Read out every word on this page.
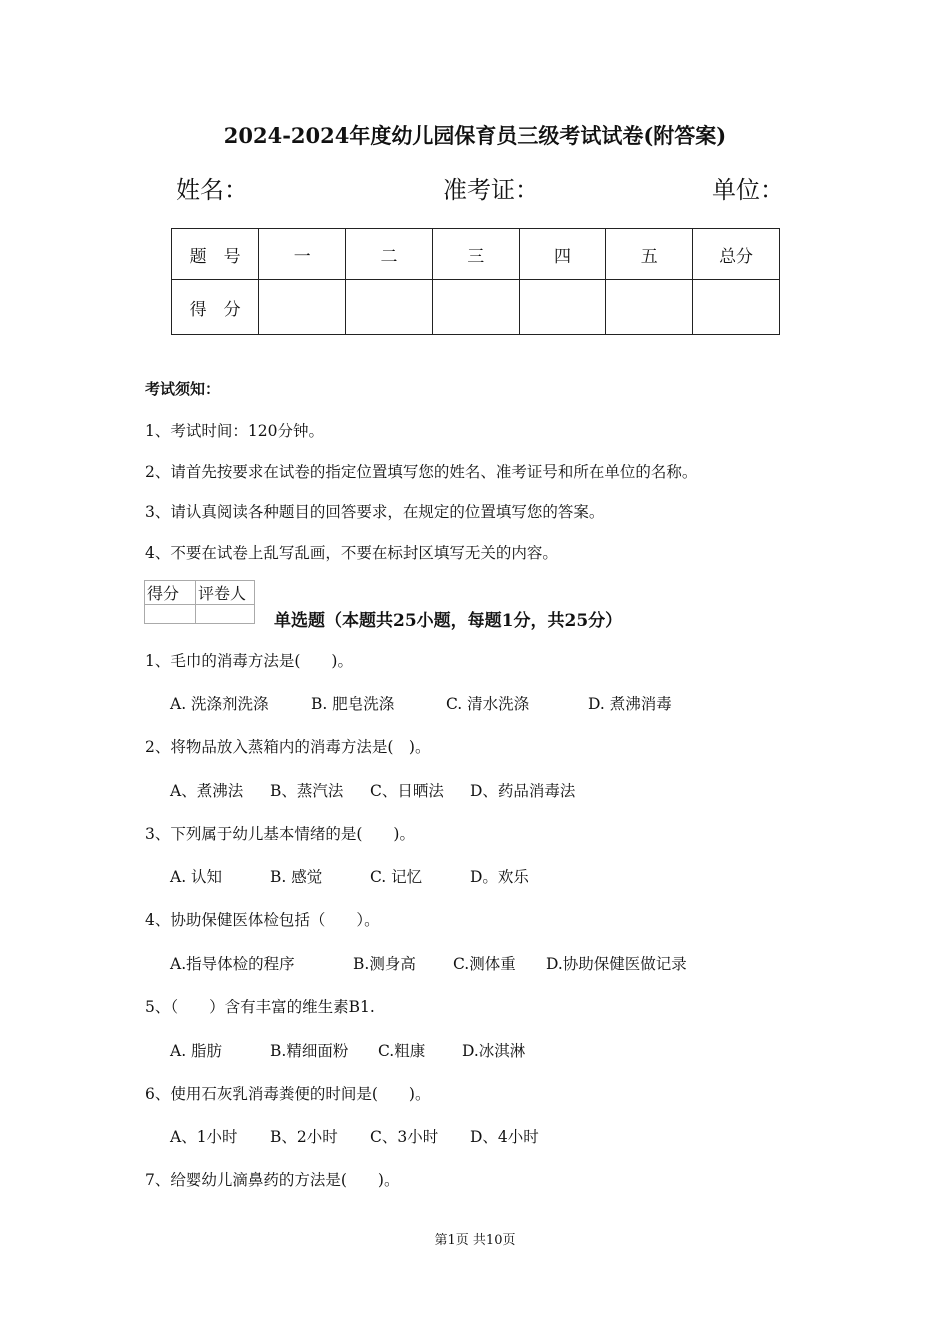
2024-2024年度幼儿园保育员三级考试试卷(附答案)
姓名：	准考证：	单位：
题　号	一	二	三	四	五	总分
得　分						
考试须知：
1、考试时间：120分钟。
2、请首先按要求在试卷的指定位置填写您的姓名、准考证号和所在单位的名称。
3、请认真阅读各种题目的回答要求，在规定的位置填写您的答案。
4、不要在试卷上乱写乱画，不要在标封区填写无关的内容。
得分	评卷人

单选题（本题共25小题，每题1分，共25分）
1、毛巾的消毒方法是(　　)。
A. 洗涤剂洗涤	B. 肥皂洗涤	C. 清水洗涤	D. 煮沸消毒
2、将物品放入蒸箱内的消毒方法是(　)。
A、煮沸法 B、蒸汽法 C、日晒法 D、药品消毒法
3、下列属于幼儿基本情绪的是(　　)。
A. 认知	B. 感觉	C. 记忆	D。欢乐
4、协助保健医体检包括（　　）。
A.指导体检的程序	B.测身高 C.测体重 D.协助保健医做记录
5、（　　）含有丰富的维生素B1.
A. 脂肪	B.精细面粉 C.粗康 D.冰淇淋
6、使用石灰乳消毒粪便的时间是(　　)。
A、1小时 B、2小时 C、3小时 D、4小时
7、给婴幼儿滴鼻药的方法是(　　)。
第1页 共10页
